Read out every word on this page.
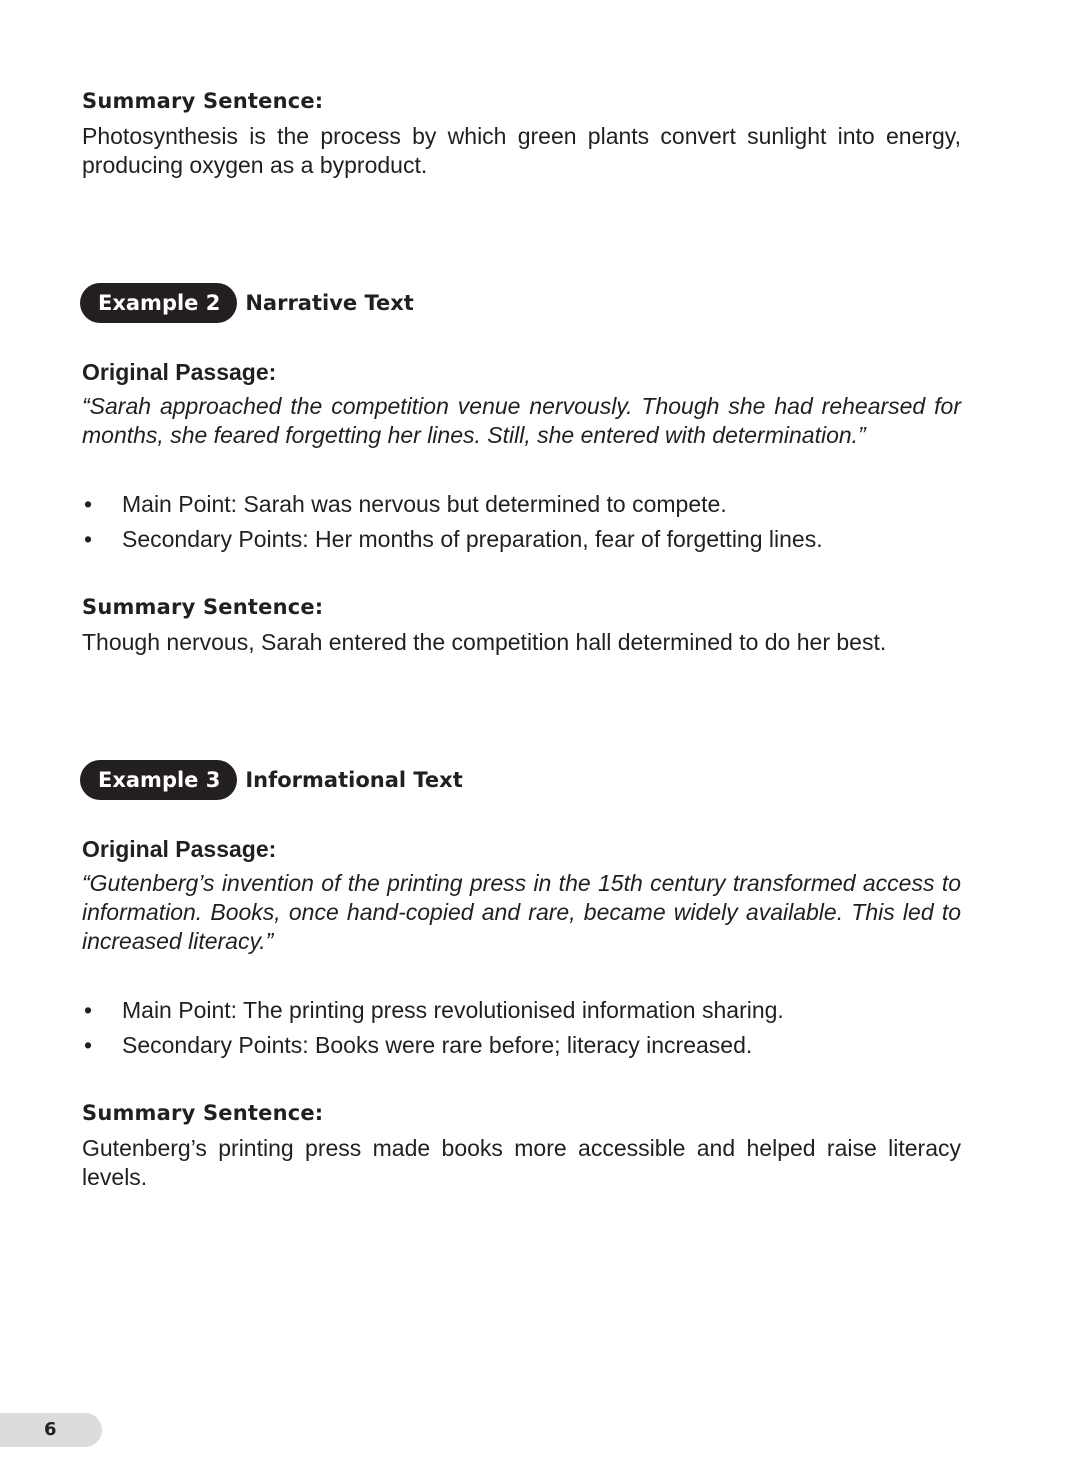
Summary Sentence:

Photosynthesis is the process by which green plants convert sunlight into energy, producing oxygen as a byproduct.

Example 2	Narrative Text
Original Passage:

“Sarah approached the competition venue nervously. Though she had rehearsed for months, she feared forgetting her lines. Still, she entered with determination.”

• Main Point: Sarah was nervous but determined to compete.
• Secondary Points: Her months of preparation, fear of forgetting lines.
Summary Sentence:

Though nervous, Sarah entered the competition hall determined to do her best.

Example 3	Informational Text
Original Passage:

“Gutenberg’s invention of the printing press in the 15th century transformed access to information. Books, once hand-copied and rare, became widely available. This led to increased literacy.”

• Main Point: The printing press revolutionised information sharing.
• Secondary Points: Books were rare before; literacy increased.
Summary Sentence:

Gutenberg’s printing press made books more accessible and helped raise literacy levels.

6
